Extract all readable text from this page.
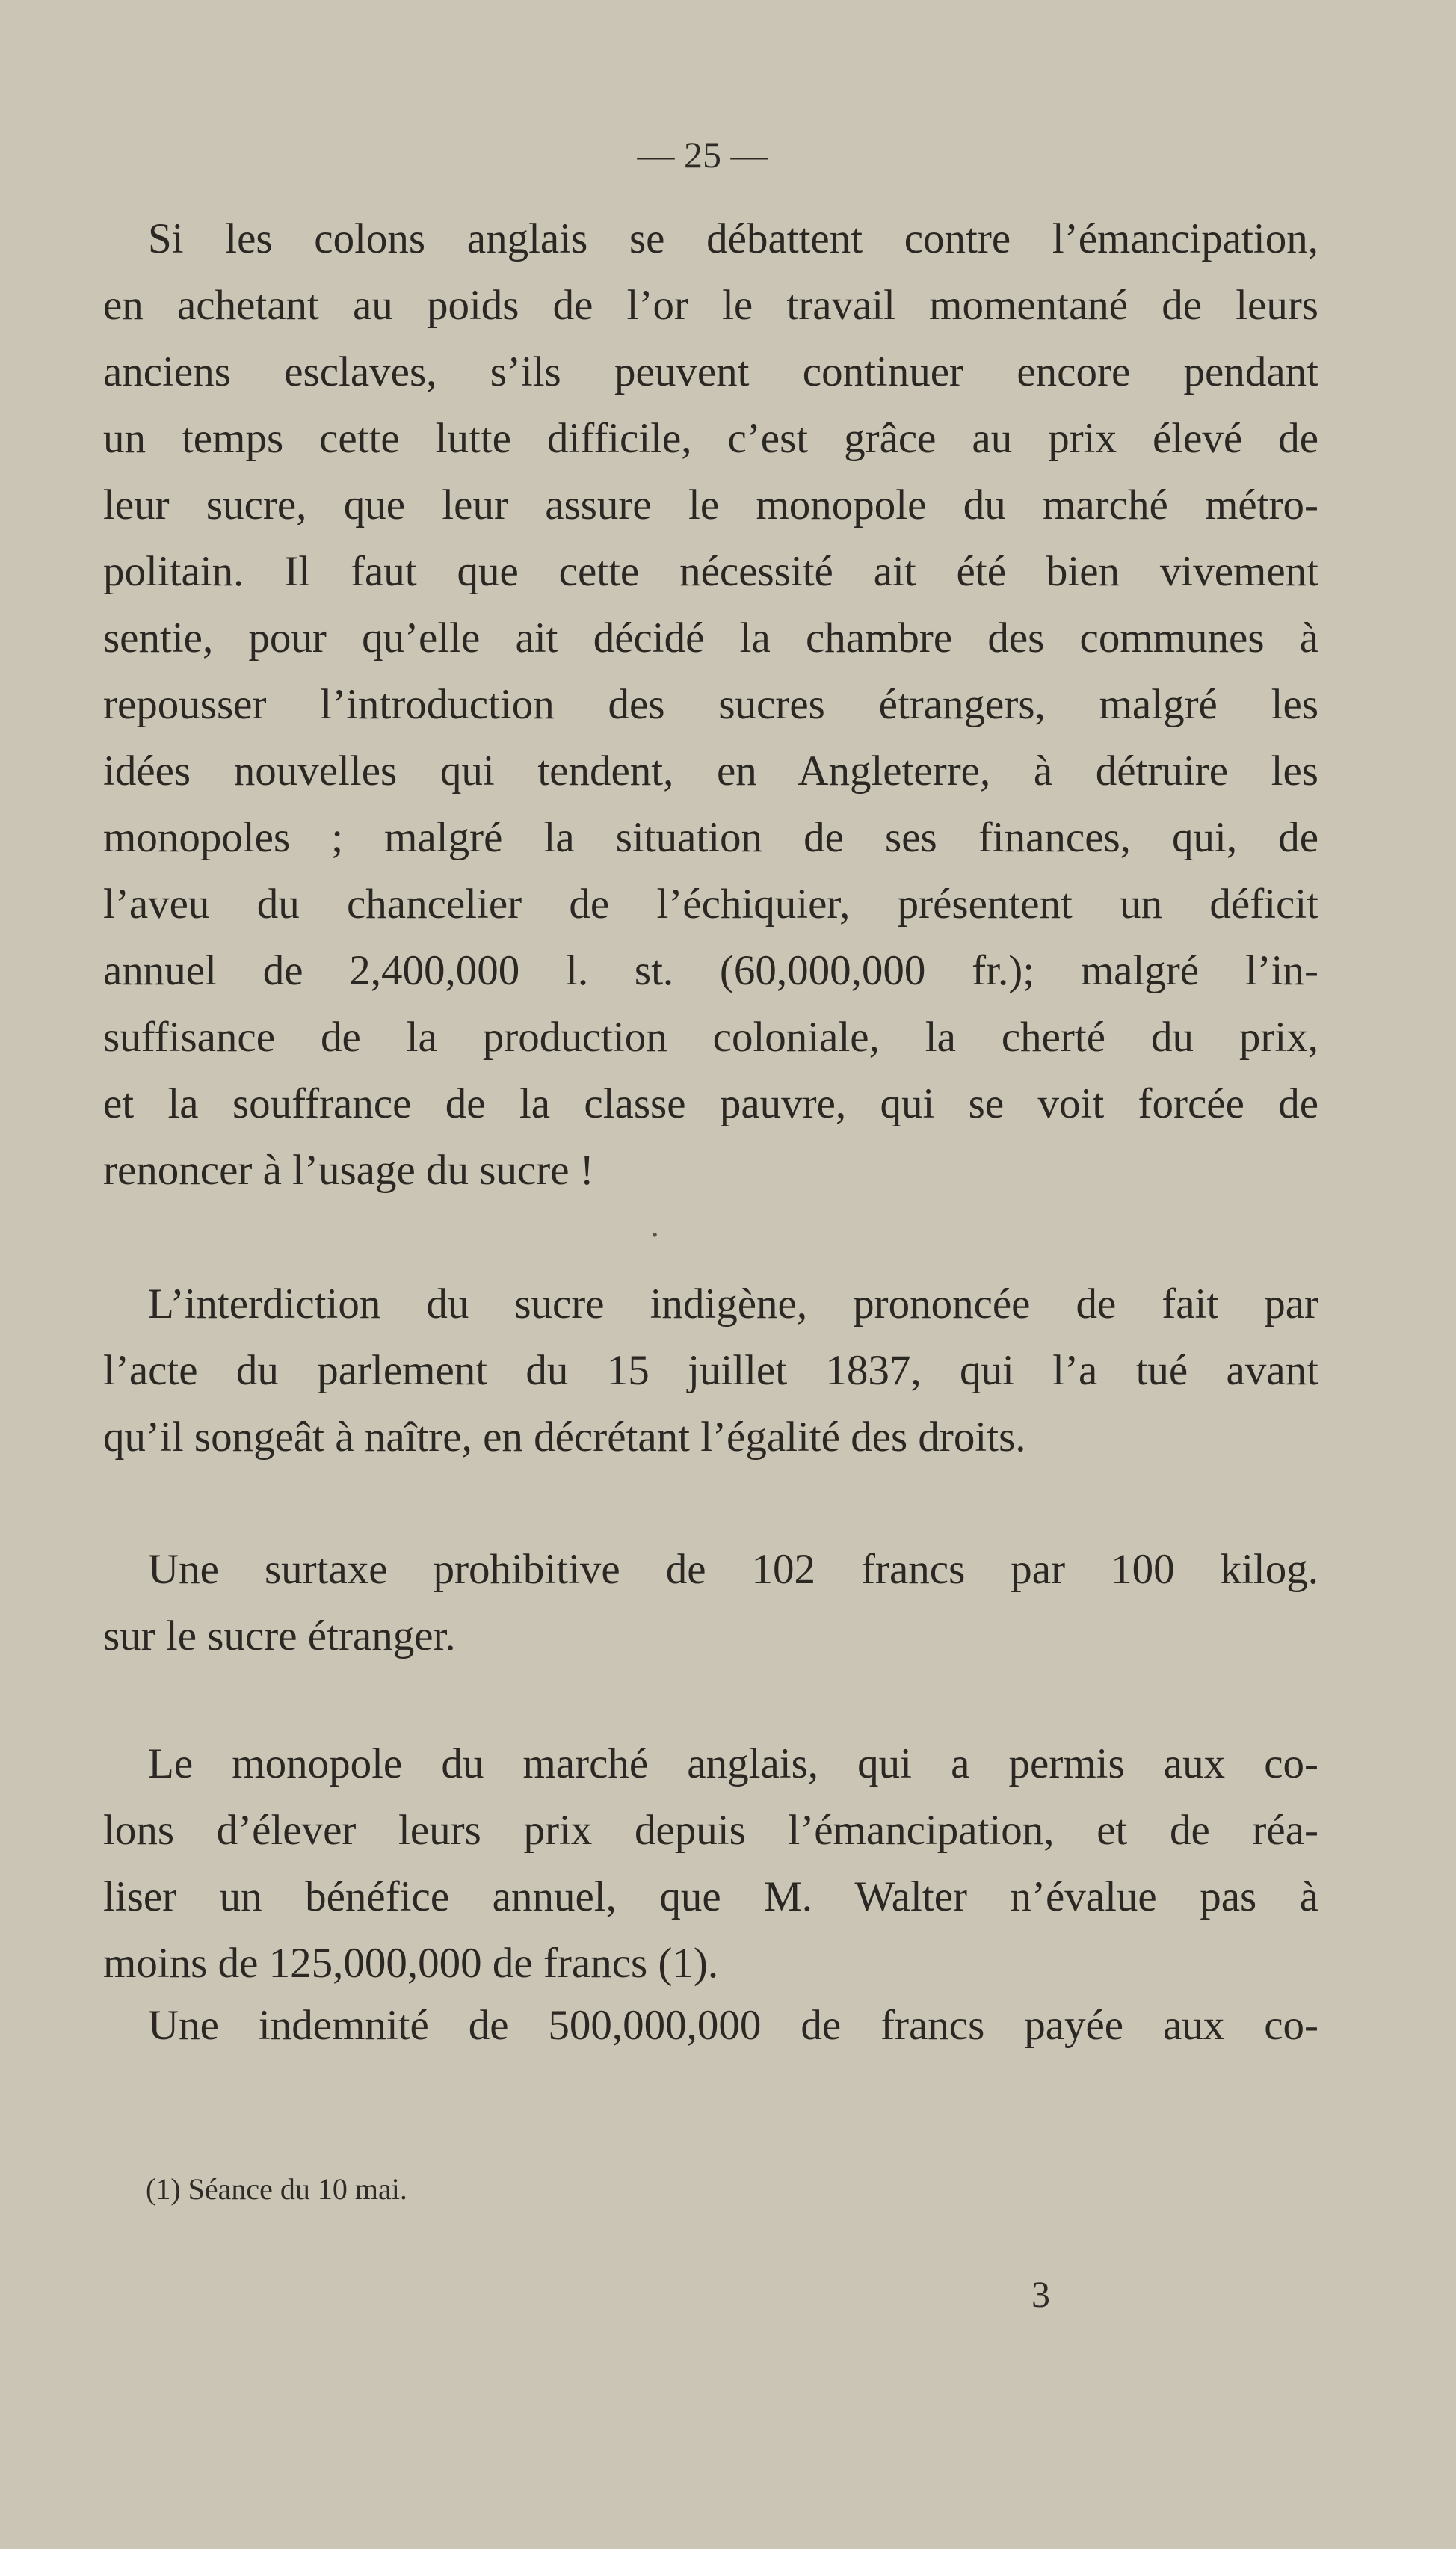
— 25 —
Si les colons anglais se débattent contre l’émancipation,
en achetant au poids de l’or le travail momentané de leurs
anciens esclaves, s’ils peuvent continuer encore pendant
un temps cette lutte difficile, c’est grâce au prix élevé de
leur sucre, que leur assure le monopole du marché métro-
politain. Il faut que cette nécessité ait été bien vivement
sentie, pour qu’elle ait décidé la chambre des communes à
repousser l’introduction des sucres étrangers, malgré les
idées nouvelles qui tendent, en Angleterre, à détruire les
monopoles ; malgré la situation de ses finances, qui, de
l’aveu du chancelier de l’échiquier, présentent un déficit
annuel de 2,400,000 l. st. (60,000,000 fr.); malgré l’in-
suffisance de la production coloniale, la cherté du prix,
et la souffrance de la classe pauvre, qui se voit forcée de
renoncer à l’usage du sucre !
•
L’interdiction du sucre indigène, prononcée de fait par
l’acte du parlement du 15 juillet 1837, qui l’a tué avant
qu’il songeât à naître, en décrétant l’égalité des droits.
Une surtaxe prohibitive de 102 francs par 100 kilog.
sur le sucre étranger.
Le monopole du marché anglais, qui a permis aux co-
lons d’élever leurs prix depuis l’émancipation, et de réa-
liser un bénéfice annuel, que M. Walter n’évalue pas à
moins de 125,000,000 de francs (1).
Une indemnité de 500,000,000 de francs payée aux co-
(1) Séance du 10 mai.
3
